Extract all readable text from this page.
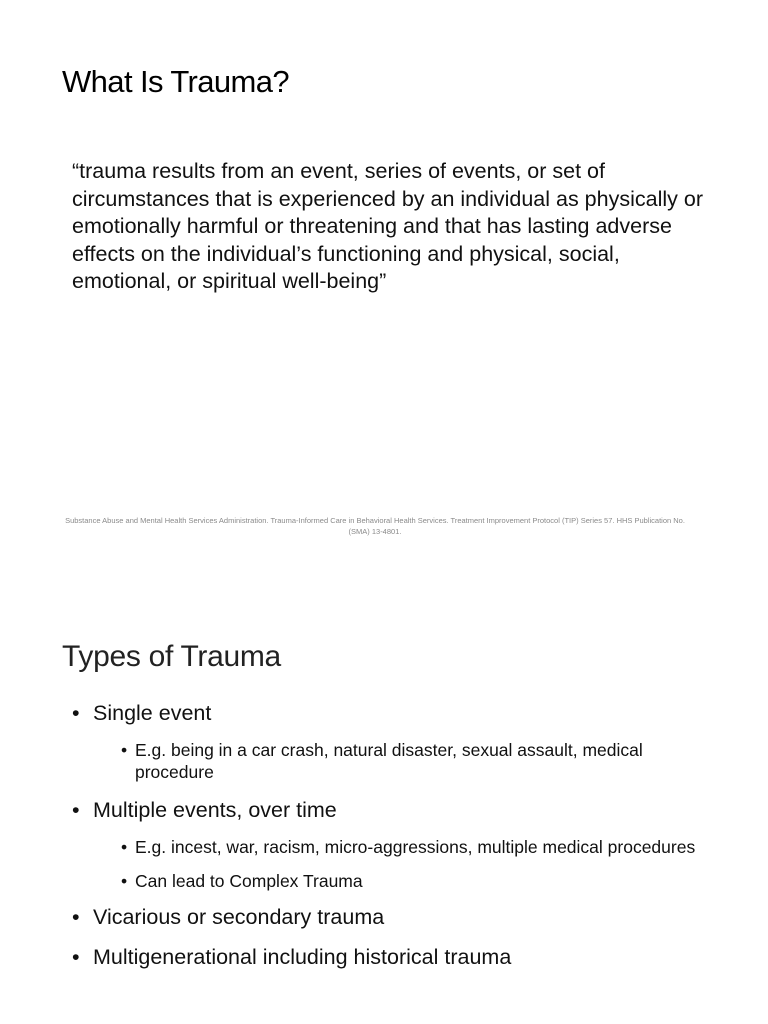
What Is Trauma?
“trauma results from an event, series of events, or set of circumstances that is experienced by an individual as physically or emotionally harmful or threatening and that has lasting adverse effects on the individual’s functioning and physical, social, emotional, or spiritual well-being”
Substance Abuse and Mental Health Services Administration. Trauma-Informed Care in Behavioral Health Services. Treatment Improvement Protocol (TIP) Series 57. HHS Publication No. (SMA) 13-4801.
Types of Trauma
• Single event
• E.g. being in a car crash, natural disaster, sexual assault, medical procedure
• Multiple events, over time
• E.g. incest, war, racism, micro-aggressions, multiple medical procedures
• Can lead to Complex Trauma
• Vicarious or secondary trauma
• Multigenerational including historical trauma
